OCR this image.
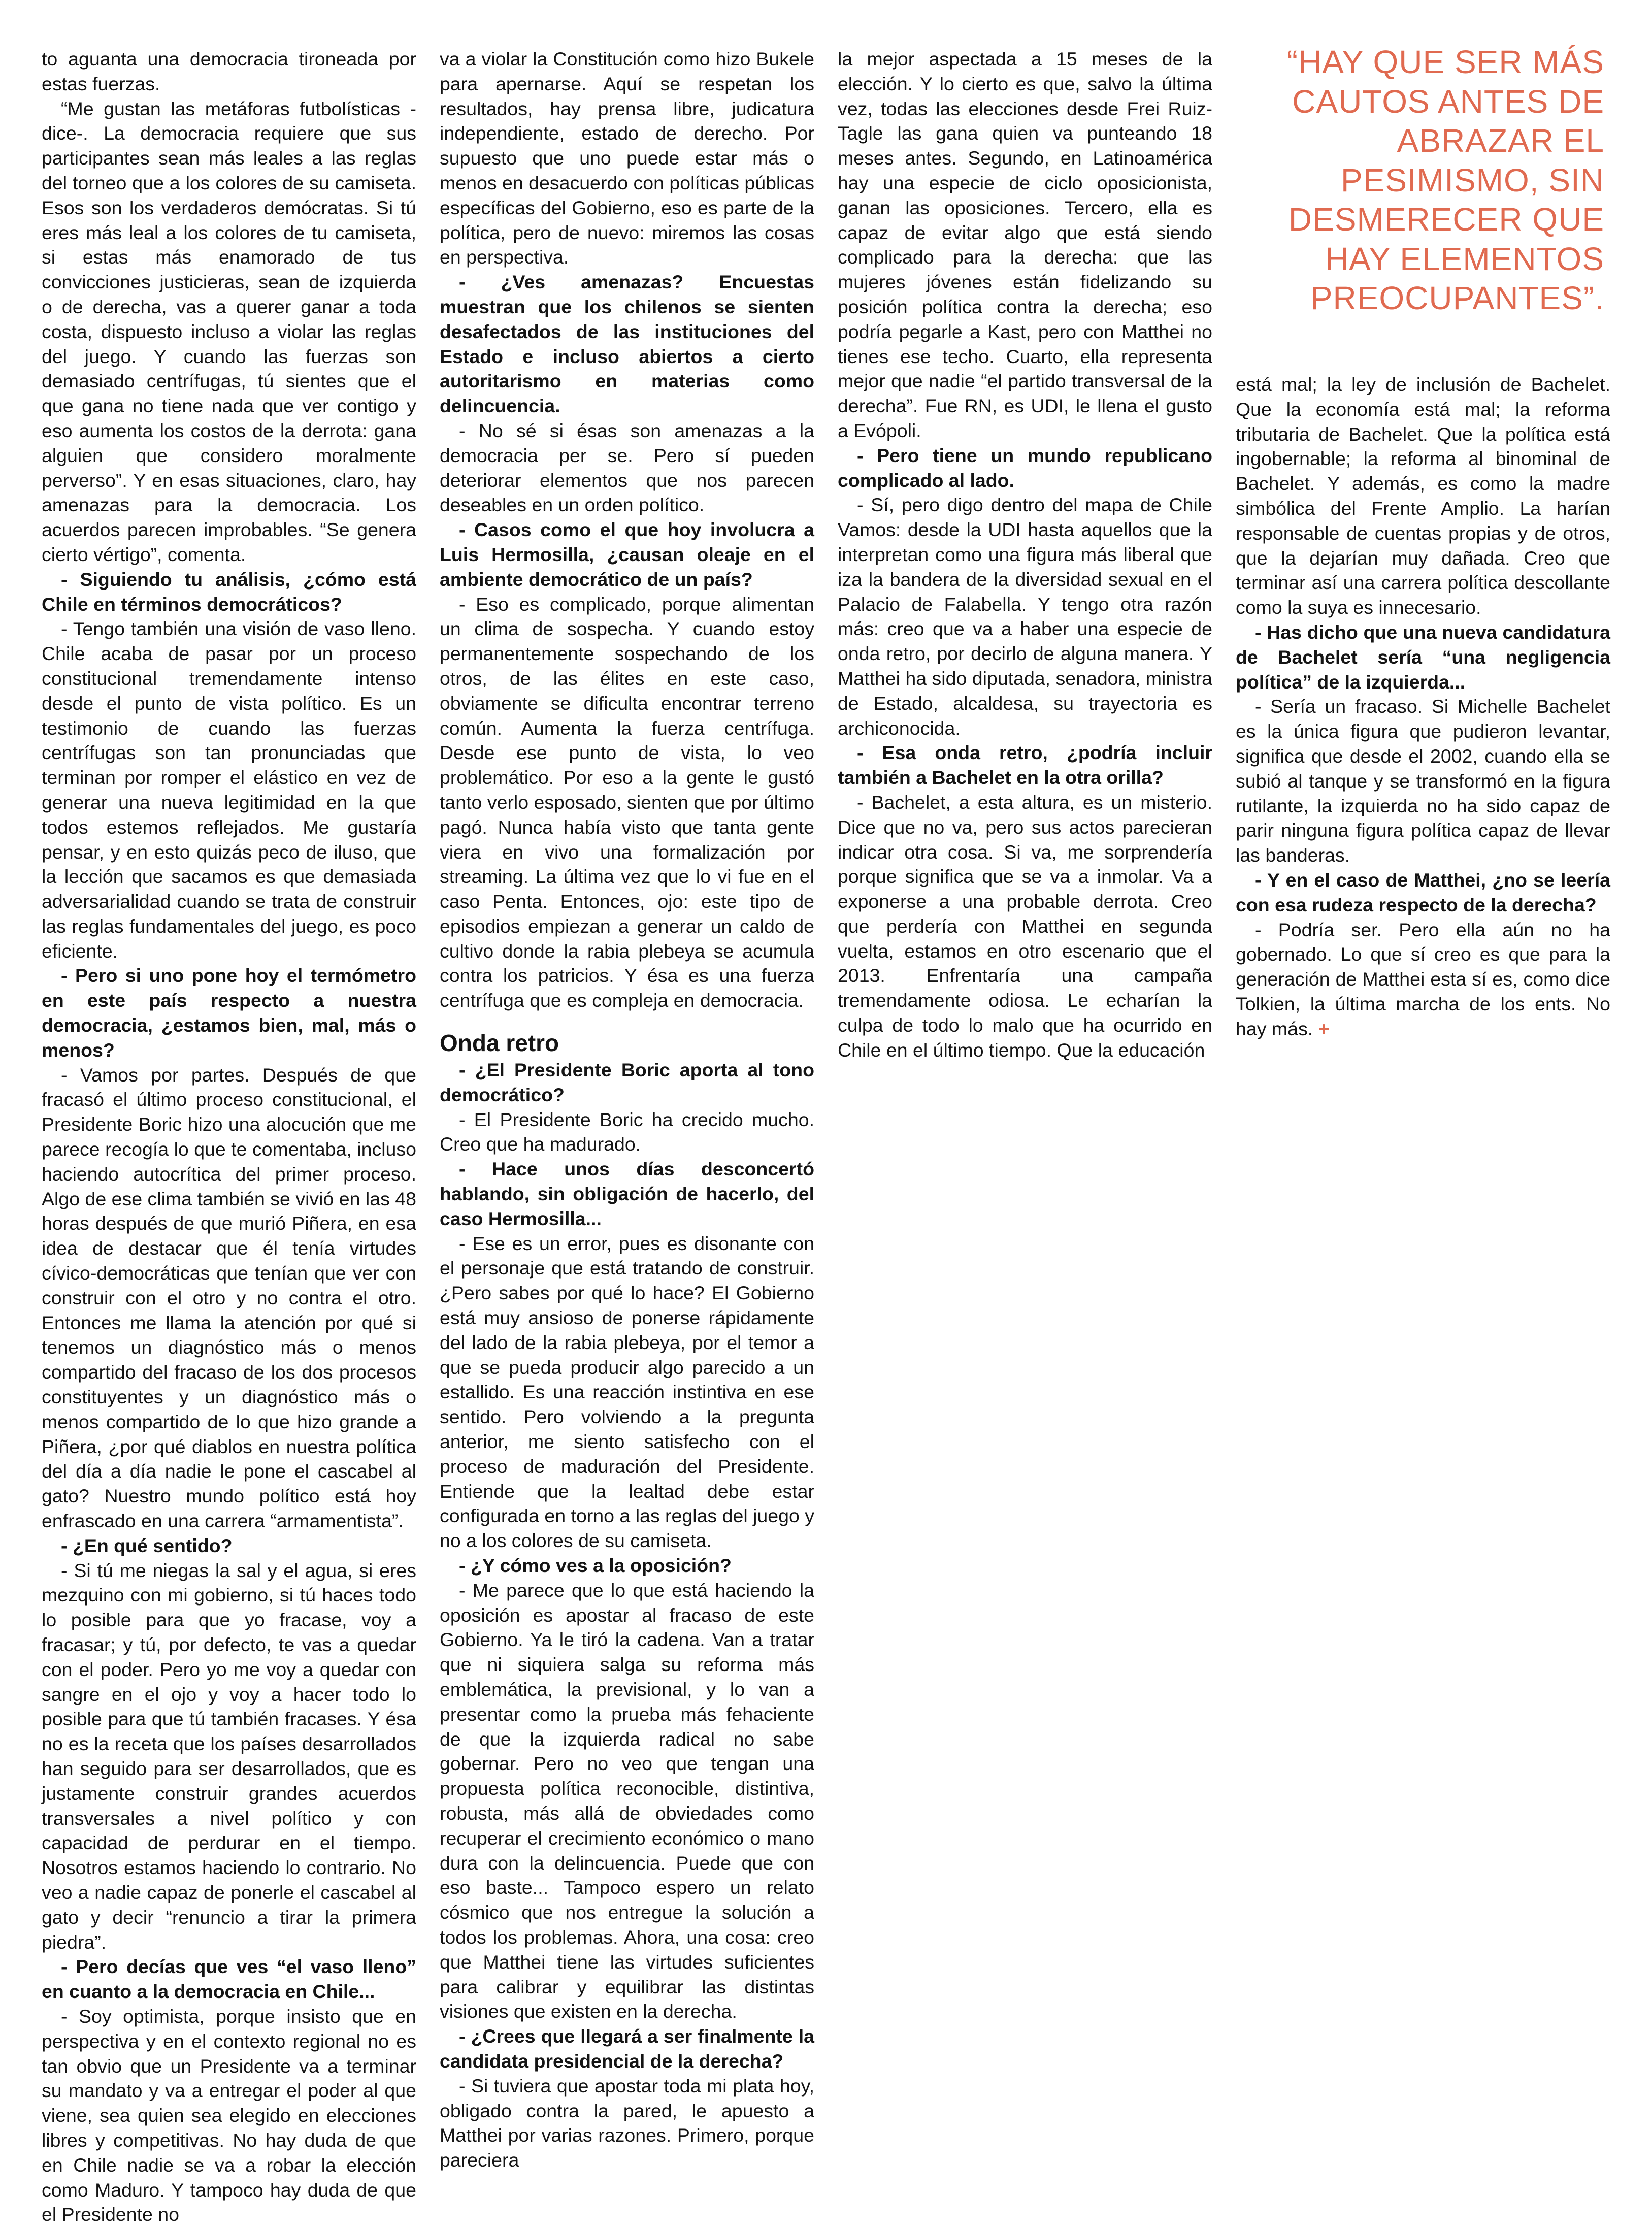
“HAY QUE SER MÁS CAUTOS ANTES DE ABRAZAR EL PESIMISMO, SIN DESMERECER QUE HAY ELEMENTOS PREOCUPANTES”.

to aguanta una democracia tironeada por estas fuerzas.

“Me gustan las metáforas futbolísticas -dice-. La democracia requiere que sus participantes sean más leales a las reglas del torneo que a los colores de su camiseta. Esos son los verdaderos demócratas. Si tú eres más leal a los colores de tu camiseta, si estas más enamorado de tus convicciones justicieras, sean de izquierda o de derecha, vas a querer ganar a toda costa, dispuesto incluso a violar las reglas del juego. Y cuando las fuerzas son demasiado centrífugas, tú sientes que el que gana no tiene nada que ver contigo y eso aumenta los costos de la derrota: gana alguien que considero moralmente perverso”. Y en esas situaciones, claro, hay amenazas para la democracia. Los acuerdos parecen improbables. “Se genera cierto vértigo”, comenta.

- Siguiendo tu análisis, ¿cómo está Chile en términos democráticos?

- Tengo también una visión de vaso lleno. Chile acaba de pasar por un proceso constitucional tremendamente intenso desde el punto de vista político. Es un testimonio de cuando las fuerzas centrífugas son tan pronunciadas que terminan por romper el elástico en vez de generar una nueva legitimidad en la que todos estemos reflejados. Me gustaría pensar, y en esto quizás peco de iluso, que la lección que sacamos es que demasiada adversarialidad cuando se trata de construir las reglas fundamentales del juego, es poco eficiente.

- Pero si uno pone hoy el termómetro en este país respecto a nuestra democracia, ¿estamos bien, mal, más o menos?

- Vamos por partes. Después de que fracasó el último proceso constitucional, el Presidente Boric hizo una alocución que me parece recogía lo que te comentaba, incluso haciendo autocrítica del primer proceso. Algo de ese clima también se vivió en las 48 horas después de que murió Piñera, en esa idea de destacar que él tenía virtudes cívico-democráticas que tenían que ver con construir con el otro y no contra el otro. Entonces me llama la atención por qué si tenemos un diagnóstico más o menos compartido del fracaso de los dos procesos constituyentes y un diagnóstico más o menos compartido de lo que hizo grande a Piñera, ¿por qué diablos en nuestra política del día a día nadie le pone el cascabel al gato? Nuestro mundo político está hoy enfrascado en una carrera “armamentista”.

- ¿En qué sentido?

- Si tú me niegas la sal y el agua, si eres mezquino con mi gobierno, si tú haces todo lo posible para que yo fracase, voy a fracasar; y tú, por defecto, te vas a quedar con el poder. Pero yo me voy a quedar con sangre en el ojo y voy a hacer todo lo posible para que tú también fracases. Y ésa no es la receta que los países desarrollados han seguido para ser desarrollados, que es justamente construir grandes acuerdos transversales a nivel político y con capacidad de perdurar en el tiempo. Nosotros estamos haciendo lo contrario. No veo a nadie capaz de ponerle el cascabel al gato y decir “renuncio a tirar la primera piedra”.

- Pero decías que ves “el vaso lleno” en cuanto a la democracia en Chile...

- Soy optimista, porque insisto que en perspectiva y en el contexto regional no es tan obvio que un Presidente va a terminar su mandato y va a entregar el poder al que viene, sea quien sea elegido en elecciones libres y competitivas. No hay duda de que en Chile nadie se va a robar la elección como Maduro. Y tampoco hay duda de que el Presidente no

va a violar la Constitución como hizo Bukele para apernarse. Aquí se respetan los resultados, hay prensa libre, judicatura independiente, estado de derecho. Por supuesto que uno puede estar más o menos en desacuerdo con políticas públicas específicas del Gobierno, eso es parte de la política, pero de nuevo: miremos las cosas en perspectiva.

- ¿Ves amenazas? Encuestas muestran que los chilenos se sienten desafectados de las instituciones del Estado e incluso abiertos a cierto autoritarismo en materias como delincuencia.

- No sé si ésas son amenazas a la democracia per se. Pero sí pueden deteriorar elementos que nos parecen deseables en un orden político.

- Casos como el que hoy involucra a Luis Hermosilla, ¿causan oleaje en el ambiente democrático de un país?

- Eso es complicado, porque alimentan un clima de sospecha. Y cuando estoy permanentemente sospechando de los otros, de las élites en este caso, obviamente se dificulta encontrar terreno común. Aumenta la fuerza centrífuga. Desde ese punto de vista, lo veo problemático. Por eso a la gente le gustó tanto verlo esposado, sienten que por último pagó. Nunca había visto que tanta gente viera en vivo una formalización por streaming. La última vez que lo vi fue en el caso Penta. Entonces, ojo: este tipo de episodios empiezan a generar un caldo de cultivo donde la rabia plebeya se acumula contra los patricios. Y ésa es una fuerza centrífuga que es compleja en democracia.

Onda retro

- ¿El Presidente Boric aporta al tono democrático?

- El Presidente Boric ha crecido mucho. Creo que ha madurado.

- Hace unos días desconcertó hablando, sin obligación de hacerlo, del caso Hermosilla...

- Ese es un error, pues es disonante con el personaje que está tratando de construir. ¿Pero sabes por qué lo hace? El Gobierno está muy ansioso de ponerse rápidamente del lado de la rabia plebeya, por el temor a que se pueda producir algo parecido a un estallido. Es una reacción instintiva en ese sentido. Pero volviendo a la pregunta anterior, me siento satisfecho con el proceso de maduración del Presidente. Entiende que la lealtad debe estar configurada en torno a las reglas del juego y no a los colores de su camiseta.

- ¿Y cómo ves a la oposición?

- Me parece que lo que está haciendo la oposición es apostar al fracaso de este Gobierno. Ya le tiró la cadena. Van a tratar que ni siquiera salga su reforma más emblemática, la previsional, y lo van a presentar como la prueba más fehaciente de que la izquierda radical no sabe gobernar. Pero no veo que tengan una propuesta política reconocible, distintiva, robusta, más allá de obviedades como recuperar el crecimiento económico o mano dura con la delincuencia. Puede que con eso baste... Tampoco espero un relato cósmico que nos entregue la solución a todos los problemas. Ahora, una cosa: creo que Matthei tiene las virtudes suficientes para calibrar y equilibrar las distintas visiones que existen en la derecha.

- ¿Crees que llegará a ser finalmente la candidata presidencial de la derecha?

- Si tuviera que apostar toda mi plata hoy, obligado contra la pared, le apuesto a Matthei por varias razones. Primero, porque pareciera

la mejor aspectada a 15 meses de la elección. Y lo cierto es que, salvo la última vez, todas las elecciones desde Frei Ruiz-Tagle las gana quien va punteando 18 meses antes. Segundo, en Latinoamérica hay una especie de ciclo oposicionista, ganan las oposiciones. Tercero, ella es capaz de evitar algo que está siendo complicado para la derecha: que las mujeres jóvenes están fidelizando su posición política contra la derecha; eso podría pegarle a Kast, pero con Matthei no tienes ese techo. Cuarto, ella representa mejor que nadie “el partido transversal de la derecha”. Fue RN, es UDI, le llena el gusto a Evópoli.

- Pero tiene un mundo republicano complicado al lado.

- Sí, pero digo dentro del mapa de Chile Vamos: desde la UDI hasta aquellos que la interpretan como una figura más liberal que iza la bandera de la diversidad sexual en el Palacio de Falabella. Y tengo otra razón más: creo que va a haber una especie de onda retro, por decirlo de alguna manera. Y Matthei ha sido diputada, senadora, ministra de Estado, alcaldesa, su trayectoria es archiconocida.

- Esa onda retro, ¿podría incluir también a Bachelet en la otra orilla?

- Bachelet, a esta altura, es un misterio. Dice que no va, pero sus actos parecieran indicar otra cosa. Si va, me sorprendería porque significa que se va a inmolar. Va a exponerse a una probable derrota. Creo que perdería con Matthei en segunda vuelta, estamos en otro escenario que el 2013. Enfrentaría una campaña tremendamente odiosa. Le echarían la culpa de todo lo malo que ha ocurrido en Chile en el último tiempo. Que la educación

está mal; la ley de inclusión de Bachelet. Que la economía está mal; la reforma tributaria de Bachelet. Que la política está ingobernable; la reforma al binominal de Bachelet. Y además, es como la madre simbólica del Frente Amplio. La harían responsable de cuentas propias y de otros, que la dejarían muy dañada. Creo que terminar así una carrera política descollante como la suya es innecesario.

- Has dicho que una nueva candidatura de Bachelet sería “una negligencia política” de la izquierda...

- Sería un fracaso. Si Michelle Bachelet es la única figura que pudieron levantar, significa que desde el 2002, cuando ella se subió al tanque y se transformó en la figura rutilante, la izquierda no ha sido capaz de parir ninguna figura política capaz de llevar las banderas.

- Y en el caso de Matthei, ¿no se leería con esa rudeza respecto de la derecha?

- Podría ser. Pero ella aún no ha gobernado. Lo que sí creo es que para la generación de Matthei esta sí es, como dice Tolkien, la última marcha de los ents. No hay más. +
